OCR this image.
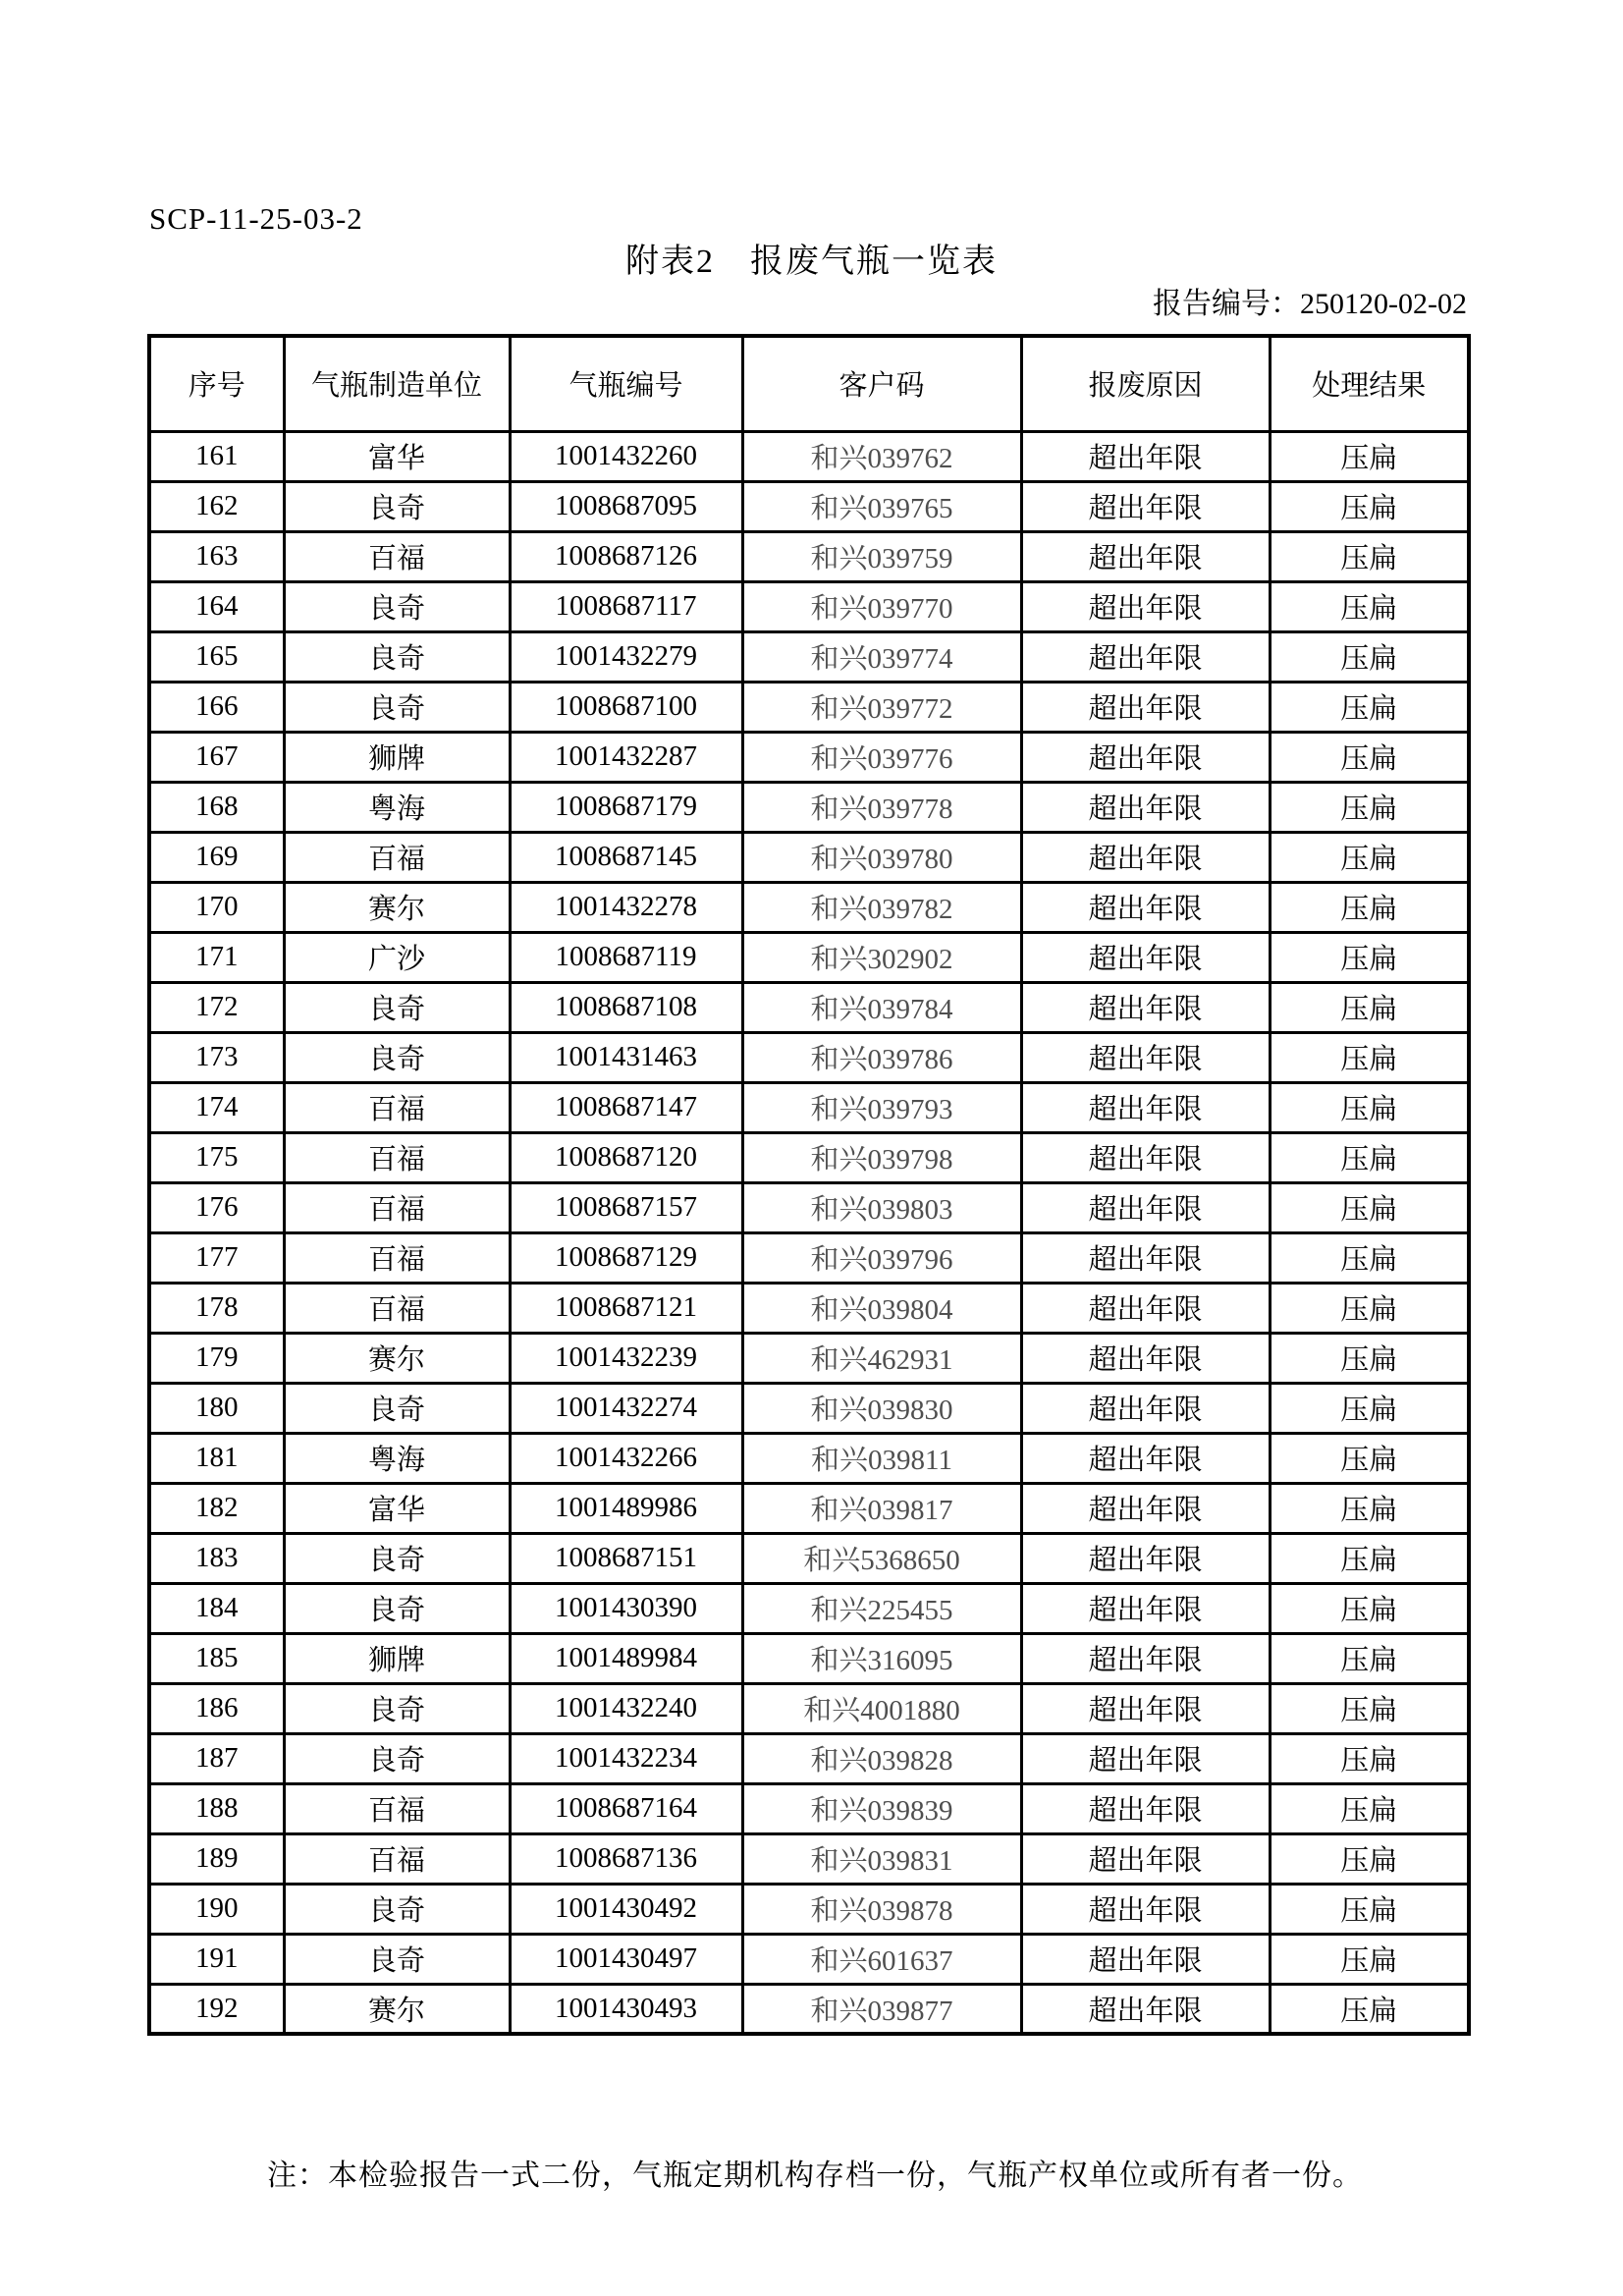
SCP-11-25-03-2
附表2　报废气瓶一览表
报告编号：250120-02-02
序号	气瓶制造单位	气瓶编号	客户码	报废原因	处理结果
161	富华	1001432260	和兴039762	超出年限	压扁
162	良奇	1008687095	和兴039765	超出年限	压扁
163	百福	1008687126	和兴039759	超出年限	压扁
164	良奇	1008687117	和兴039770	超出年限	压扁
165	良奇	1001432279	和兴039774	超出年限	压扁
166	良奇	1008687100	和兴039772	超出年限	压扁
167	狮牌	1001432287	和兴039776	超出年限	压扁
168	粤海	1008687179	和兴039778	超出年限	压扁
169	百福	1008687145	和兴039780	超出年限	压扁
170	赛尔	1001432278	和兴039782	超出年限	压扁
171	广沙	1008687119	和兴302902	超出年限	压扁
172	良奇	1008687108	和兴039784	超出年限	压扁
173	良奇	1001431463	和兴039786	超出年限	压扁
174	百福	1008687147	和兴039793	超出年限	压扁
175	百福	1008687120	和兴039798	超出年限	压扁
176	百福	1008687157	和兴039803	超出年限	压扁
177	百福	1008687129	和兴039796	超出年限	压扁
178	百福	1008687121	和兴039804	超出年限	压扁
179	赛尔	1001432239	和兴462931	超出年限	压扁
180	良奇	1001432274	和兴039830	超出年限	压扁
181	粤海	1001432266	和兴039811	超出年限	压扁
182	富华	1001489986	和兴039817	超出年限	压扁
183	良奇	1008687151	和兴5368650	超出年限	压扁
184	良奇	1001430390	和兴225455	超出年限	压扁
185	狮牌	1001489984	和兴316095	超出年限	压扁
186	良奇	1001432240	和兴4001880	超出年限	压扁
187	良奇	1001432234	和兴039828	超出年限	压扁
188	百福	1008687164	和兴039839	超出年限	压扁
189	百福	1008687136	和兴039831	超出年限	压扁
190	良奇	1001430492	和兴039878	超出年限	压扁
191	良奇	1001430497	和兴601637	超出年限	压扁
192	赛尔	1001430493	和兴039877	超出年限	压扁
注：本检验报告一式二份，气瓶定期机构存档一份，气瓶产权单位或所有者一份。
